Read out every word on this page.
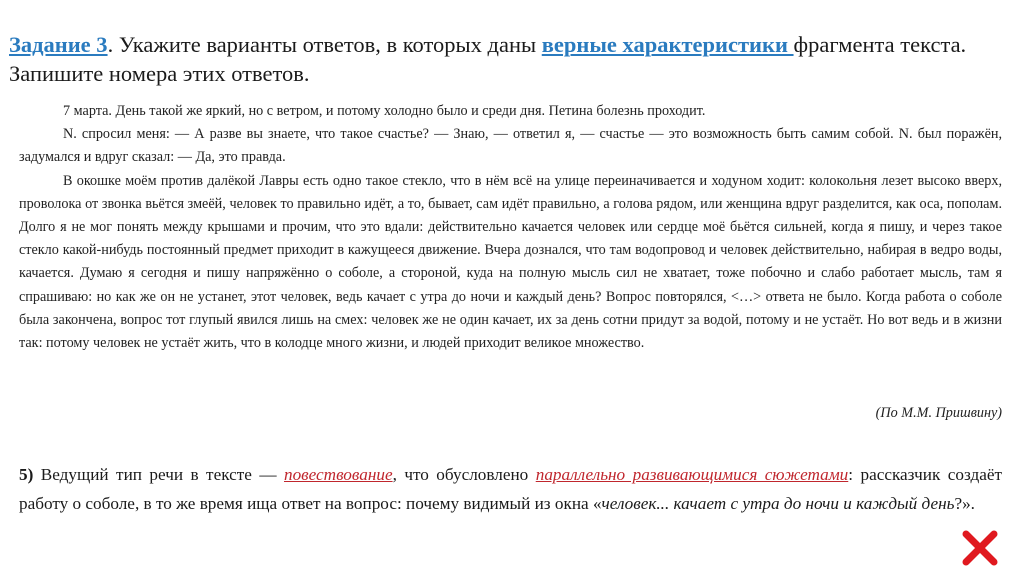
Задание 3. Укажите варианты ответов, в которых даны верные характеристики фрагмента текста. Запишите номера этих ответов.

7 марта. День такой же яркий, но с ветром, и потому холодно было и среди дня. Петина болезнь проходит.

N. спросил меня: — А разве вы знаете, что такое счастье? — Знаю, — ответил я, — счастье — это возможность быть самим собой. N. был поражён, задумался и вдруг сказал: — Да, это правда.

В окошке моём против далёкой Лавры есть одно такое стекло, что в нём всё на улице переиначивается и ходуном ходит: колокольня лезет высоко вверх, проволока от звонка вьётся змеёй, человек то правильно идёт, а то, бывает, сам идёт правильно, а голова рядом, или женщина вдруг разделится, как оса, пополам. Долго я не мог понять между крышами и прочим, что это вдали: действительно качается человек или сердце моё бьётся сильней, когда я пишу, и через такое стекло какой-нибудь постоянный предмет приходит в кажущееся движение. Вчера дознался, что там водопровод и человек действительно, набирая в ведро воды, качается. Думаю я сегодня и пишу напряжённо о соболе, а стороной, куда на полную мысль сил не хватает, тоже побочно и слабо работает мысль, там я спрашиваю: но как же он не устанет, этот человек, ведь качает с утра до ночи и каждый день? Вопрос повторялся, <…> ответа не было. Когда работа о соболе была закончена, вопрос тот глупый явился лишь на смех: человек же не один качает, их за день сотни придут за водой, потому и не устаёт. Но вот ведь и в жизни так: потому человек не устаёт жить, что в колодце много жизни, и людей приходит великое множество.

(По М.М. Пришвину)
5) Ведущий тип речи в тексте — повествование, что обусловлено параллельно развивающимися сюжетами: рассказчик создаёт работу о соболе, в то же время ища ответ на вопрос: почему видимый из окна «человек... качает с утра до ночи и каждый день?».
